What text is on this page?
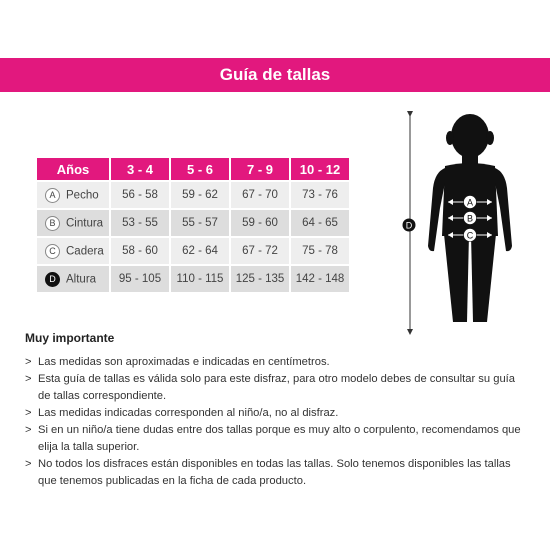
Guía de tallas
Años	3 - 4	5 - 6	7 - 9	10 - 12
A Pecho	56 - 58	59 - 62	67 - 70	73 - 76
B Cintura	53 - 55	55 - 57	59 - 60	64 - 65
C Cadera	58 - 60	62 - 64	67 - 72	75 - 78
D Altura	95 - 105	110 - 115	125 - 135	142 - 148
D
A
B
C
Muy importante
> Las medidas son aproximadas e indicadas en centímetros.
> Esta guía de tallas es válida solo para este disfraz, para otro modelo debes de consultar su guía de tallas correspondiente.
> Las medidas indicadas corresponden al niño/a, no al disfraz.
> Si en un niño/a tiene dudas entre dos tallas porque es muy alto o corpulento, recomendamos que elija la talla superior.
> No todos los disfraces están disponibles en todas las tallas. Solo tenemos disponibles las tallas que tenemos publicadas en la ficha de cada producto.
